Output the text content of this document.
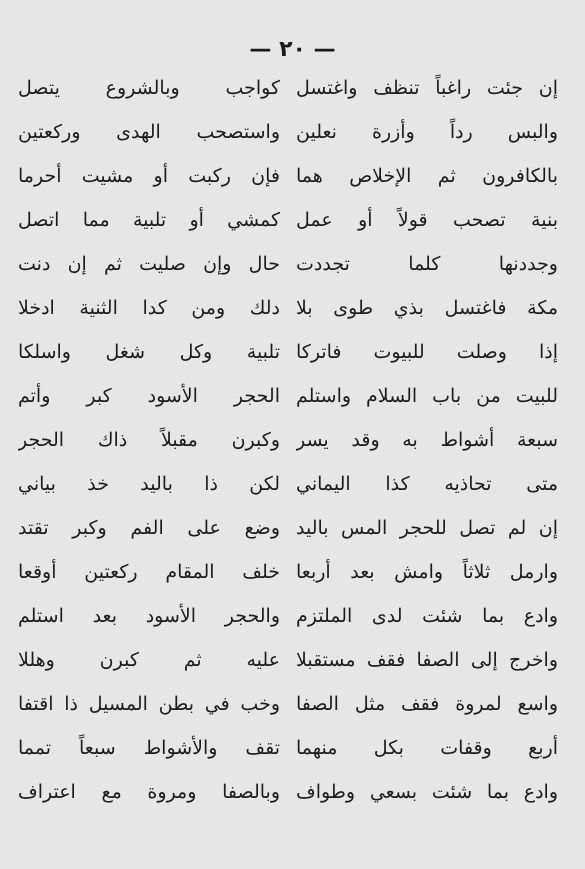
— ٢٠ —
إن جئت راغباً تنظف واغتسل
كواجب وبالشروع يتصل
والبس رداً وأزرة نعلين
واستصحب الهدى وركعتين
بالكافرون ثم الإخلاص هما
فإن ركبت أو مشيت أحرما
بنية تصحب قولاً أو عمل
كمشي أو تلبية مما اتصل
وجددنها كلما تجددت
حال وإن صليت ثم إن دنت
مكة فاغتسل بذي طوى بلا
دلك ومن كدا الثنية ادخلا
إذا وصلت للبيوت فاتركا
تلبية وكل شغل واسلكا
للبيت من باب السلام واستلم
الحجر الأسود كبر وأتم
سبعة أشواط به وقد يسر
وكبرن مقبلاً ذاك الحجر
متى تحاذيه كذا اليماني
لكن ذا باليد خذ بياني
إن لم تصل للحجر المس باليد
وضع على الفم وكبر تقتد
وارمل ثلاثاً وامش بعد أربعا
خلف المقام ركعتين أوقعا
وادع بما شئت لدى الملتزم
والحجر الأسود بعد استلم
واخرج إلى الصفا فقف مستقبلا
عليه ثم كبرن وهللا
واسع لمروة فقف مثل الصفا
وخب في بطن المسيل ذا اقتفا
أربع وقفات بكل منهما
تقف والأشواط سبعاً تمما
وادع بما شئت بسعي وطواف
وبالصفا ومروة مع اعتراف
